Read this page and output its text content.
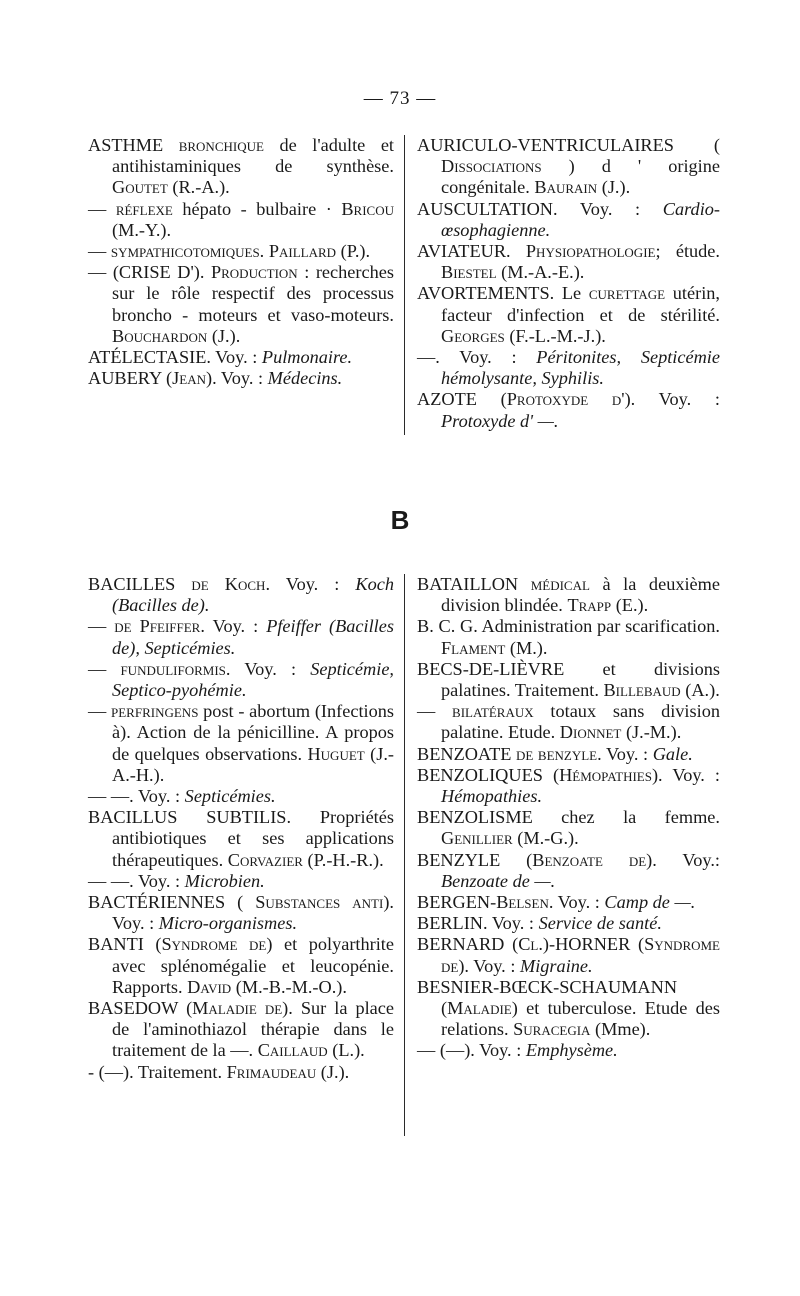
— 73 —
ASTHME bronchique de l'adulte et antihistaminiques de synthèse. Goutet (R.-A.).
— réflexe hépato - bulbaire · Bricou (M.-Y.).
— sympathicotomiques. Paillard (P.).
— (CRISE D'). Production : recherches sur le rôle respectif des processus broncho - moteurs et vaso-moteurs. Bouchardon (J.).
ATÉLECTASIE. Voy. : Pulmonaire.
AUBERY (Jean). Voy. : Médecins.
AURICULO-VENTRICULAIRES ( Dissociations ) d ' origine congénitale. Baurain (J.).
AUSCULTATION. Voy. : Cardio-œsophagienne.
AVIATEUR. Physiopathologie; étude. Biestel (M.-A.-E.).
AVORTEMENTS. Le curettage utérin, facteur d'infection et de stérilité. Georges (F.-L.-M.-J.).
—. Voy. : Péritonites, Septicémie hémolysante, Syphilis.
AZOTE (Protoxyde d'). Voy. : Protoxyde d' —.
B
BACILLES de Koch. Voy. : Koch (Bacilles de).
— de Pfeiffer. Voy. : Pfeiffer (Bacilles de), Septicémies.
— funduliformis. Voy. : Septicémie, Septico-pyohémie.
— perfringens post - abortum (Infections à). Action de la pénicilline. A propos de quelques observations. Huguet (J.-A.-H.).
— —. Voy. : Septicémies.
BACILLUS SUBTILIS. Propriétés antibiotiques et ses applications thérapeutiques. Corvazier (P.-H.-R.).
— —. Voy. : Microbien.
BACTÉRIENNES ( Substances anti). Voy. : Micro-organismes.
BANTI (Syndrome de) et polyarthrite avec splénomégalie et leucopénie. Rapports. David (M.-B.-M.-O.).
BASEDOW (Maladie de). Sur la place de l'aminothiazol thérapie dans le traitement de la —. Caillaud (L.).
- (—). Traitement. Frimaudeau (J.).
BATAILLON médical à la deuxième division blindée. Trapp (E.).
B. C. G. Administration par scarification. Flament (M.).
BECS-DE-LIÈVRE et divisions palatines. Traitement. Billebaud (A.).
— bilatéraux totaux sans division palatine. Etude. Dionnet (J.-M.).
BENZOATE de benzyle. Voy. : Gale.
BENZOLIQUES (Hémopathies). Voy. : Hémopathies.
BENZOLISME chez la femme. Genillier (M.-G.).
BENZYLE (Benzoate de). Voy.: Benzoate de —.
BERGEN-Belsen. Voy. : Camp de —.
BERLIN. Voy. : Service de santé.
BERNARD (Cl.)-HORNER (Syndrome de). Voy. : Migraine.
BESNIER-BŒCK-SCHAUMANN (Maladie) et tuberculose. Etude des relations. Suracegia (Mme).
— (—). Voy. : Emphysème.
